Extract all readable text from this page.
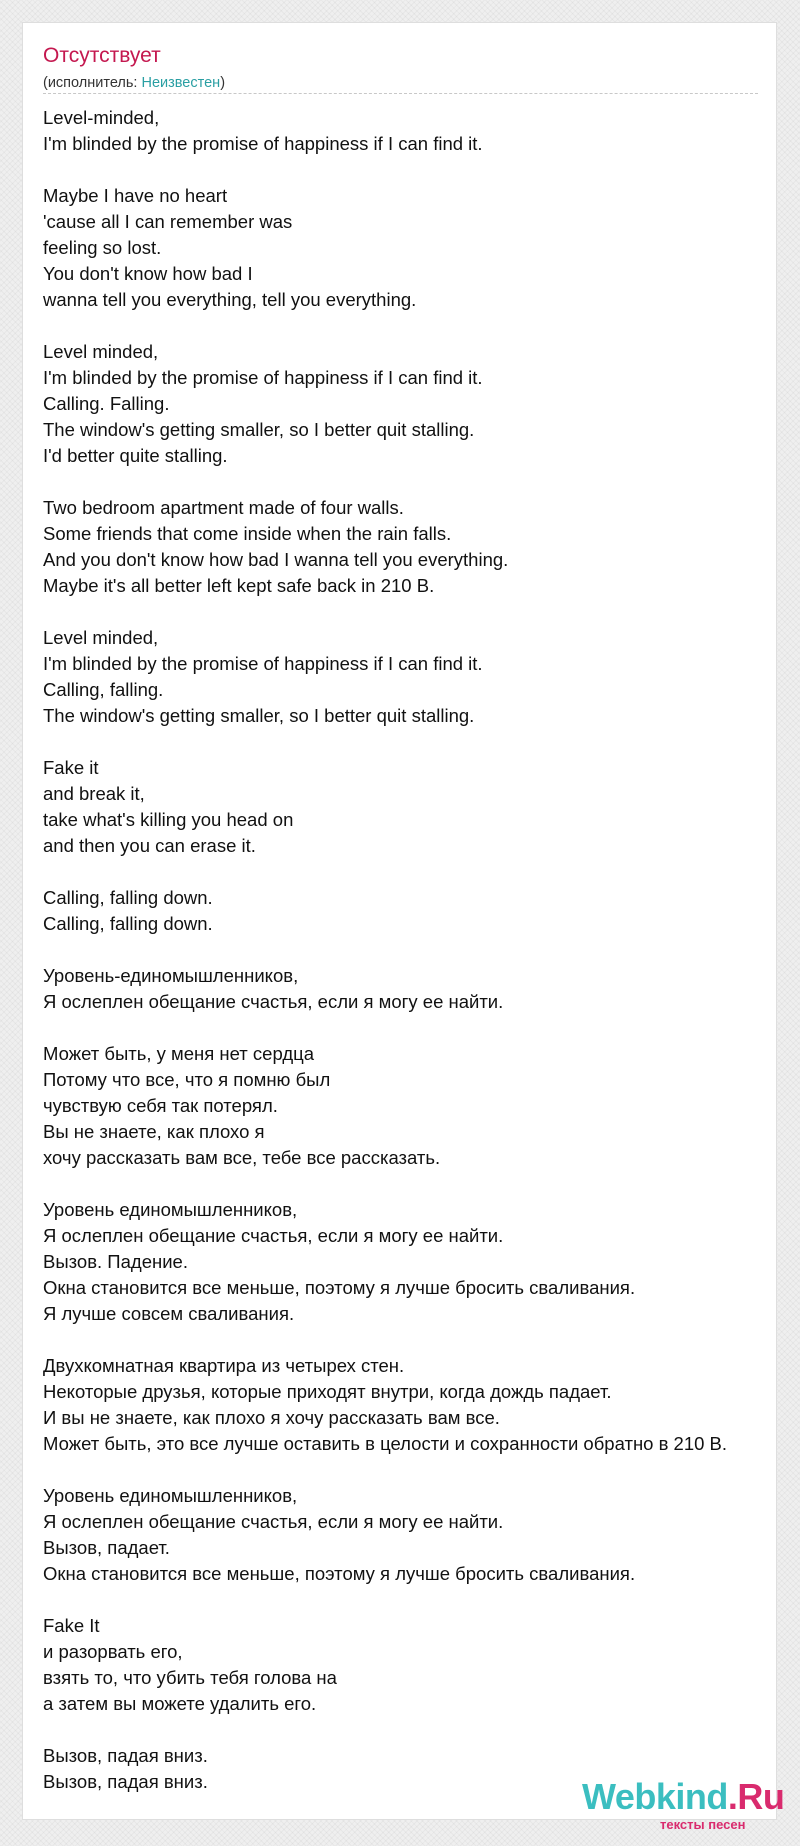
Отсутствует
(исполнитель: Неизвестен)
Level-minded,
I'm blinded by the promise of happiness if I can find it.

Maybe I have no heart
'cause all I can remember was
feeling so lost.
You don't know how bad I
wanna tell you everything, tell you everything.

Level minded,
I'm blinded by the promise of happiness if I can find it.
Calling. Falling.
The window's getting smaller, so I better quit stalling.
I'd better quite stalling.

Two bedroom apartment made of four walls.
Some friends that come inside when the rain falls.
And you don't know how bad I wanna tell you everything.
Maybe it's all better left kept safe back in 210 B.

Level minded,
I'm blinded by the promise of happiness if I can find it.
Calling, falling.
The window's getting smaller, so I better quit stalling.

Fake it
and break it,
take what's killing you head on
and then you can erase it.

Calling, falling down.
Calling, falling down.

Уровень-единомышленников,
Я ослеплен обещание счастья, если я могу ее найти.

Может быть, у меня нет сердца
Потому что все, что я помню был
чувствую себя так потерял.
Вы не знаете, как плохо я
хочу рассказать вам все, тебе все рассказать.

Уровень единомышленников,
Я ослеплен обещание счастья, если я могу ее найти.
Вызов. Падение.
Окна становится все меньше, поэтому я лучше бросить сваливания.
Я лучше совсем сваливания.

Двухкомнатная квартира из четырех стен.
Некоторые друзья, которые приходят внутри, когда дождь падает.
И вы не знаете, как плохо я хочу рассказать вам все.
Может быть, это все лучше оставить в целости и сохранности обратно в 210 B.

Уровень единомышленников,
Я ослеплен обещание счастья, если я могу ее найти.
Вызов, падает.
Окна становится все меньше, поэтому я лучше бросить сваливания.

Fake It
и разорвать его,
взять то, что убить тебя голова на
а затем вы можете удалить его.

Вызов, падая вниз.
Вызов, падая вниз.	Webkind.Ru
тексты песен
